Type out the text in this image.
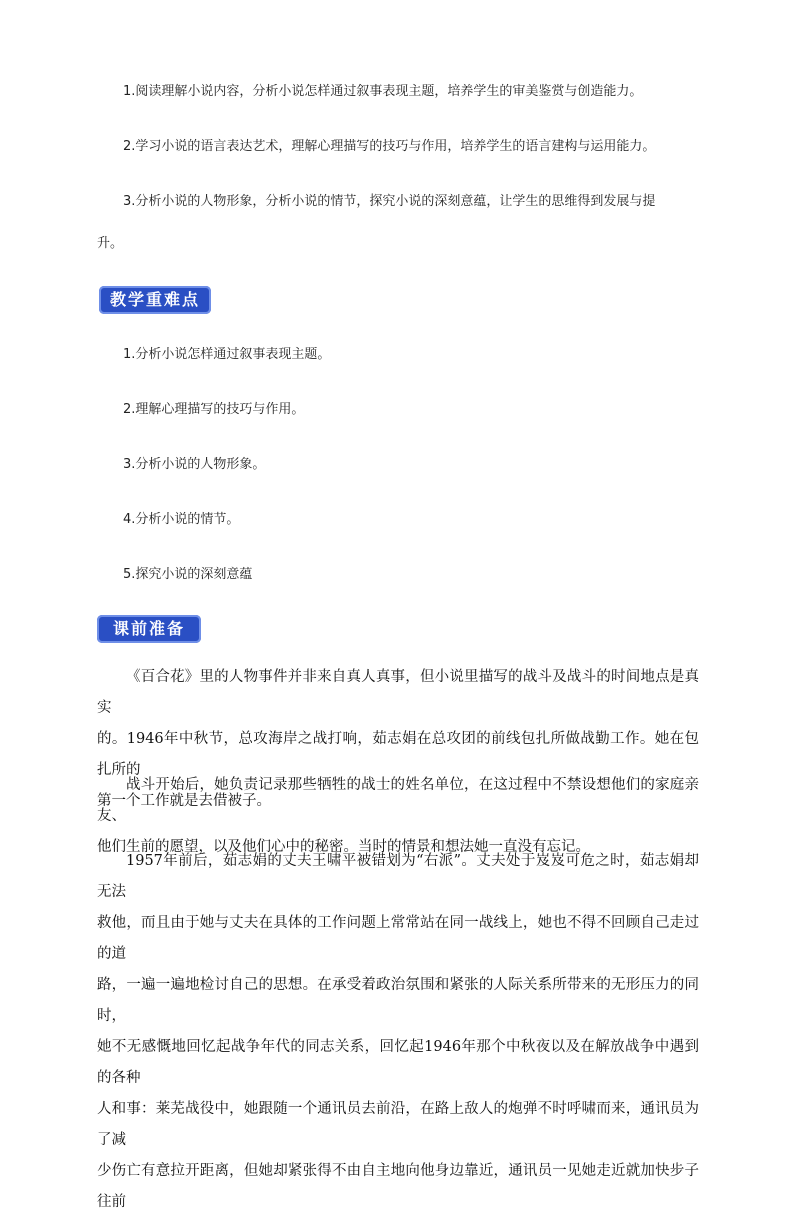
1.阅读理解小说内容，分析小说怎样通过叙事表现主题，培养学生的审美鉴赏与创造能力。
2.学习小说的语言表达艺术，理解心理描写的技巧与作用，培养学生的语言建构与运用能力。
3.分析小说的人物形象，分析小说的情节，探究小说的深刻意蕴，让学生的思维得到发展与提
升。
教学重难点
1.分析小说怎样通过叙事表现主题。
2.理解心理描写的技巧与作用。
3.分析小说的人物形象。
4.分析小说的情节。
5.探究小说的深刻意蕴
课前准备
《百合花》里的人物事件并非来自真人真事，但小说里描写的战斗及战斗的时间地点是真实
的。1946年中秋节，总攻海岸之战打响，茹志娟在总攻团的前线包扎所做战勤工作。她在包扎所的
第一个工作就是去借被子。
战斗开始后，她负责记录那些牺牲的战士的姓名单位，在这过程中不禁设想他们的家庭亲友、
他们生前的愿望，以及他们心中的秘密。当时的情景和想法她一直没有忘记。
1957年前后，茹志娟的丈夫王啸平被错划为“右派”。丈夫处于岌岌可危之时，茹志娟却无法
救他，而且由于她与丈夫在具体的工作问题上常常站在同一战线上，她也不得不回顾自己走过的道
路，一遍一遍地检讨自己的思想。在承受着政治氛围和紧张的人际关系所带来的无形压力的同时，
她不无感慨地回忆起战争年代的同志关系，回忆起1946年那个中秋夜以及在解放战争中遇到的各种
人和事：莱芜战役中，她跟随一个通讯员去前沿，在路上敌人的炮弹不时呼啸而来，通讯员为了减
少伤亡有意拉开距离，但她却紧张得不由自主地向他身边靠近，通讯员一见她走近就加快步子往前
